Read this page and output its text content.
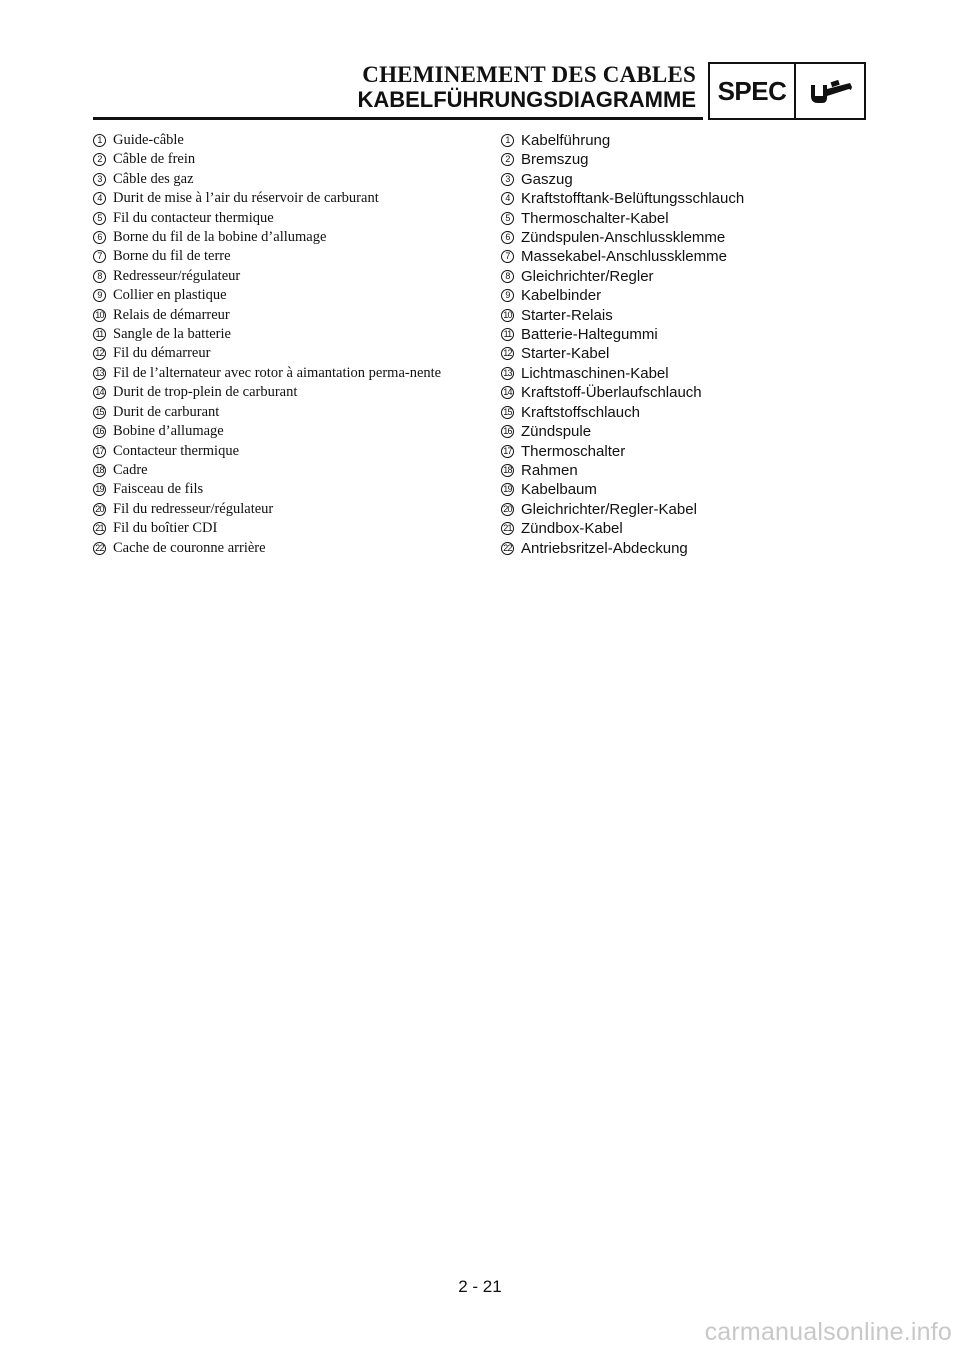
CHEMINEMENT DES CABLES
KABELFÜHRUNGSDIAGRAMME SPEC
1 Guide-câble
2 Câble de frein
3 Câble des gaz
4 Durit de mise à l’air du réservoir de carburant
5 Fil du contacteur thermique
6 Borne du fil de la bobine d’allumage
7 Borne du fil de terre
8 Redresseur/régulateur
9 Collier en plastique
10 Relais de démarreur
11 Sangle de la batterie
12 Fil du démarreur
13 Fil de l’alternateur avec rotor à aimantation perma-nente
14 Durit de trop-plein de carburant
15 Durit de carburant
16 Bobine d’allumage
17 Contacteur thermique
18 Cadre
19 Faisceau de fils
20 Fil du redresseur/régulateur
21 Fil du boîtier CDI
22 Cache de couronne arrière
1 Kabelführung
2 Bremszug
3 Gaszug
4 Kraftstofftank-Belüftungsschlauch
5 Thermoschalter-Kabel
6 Zündspulen-Anschlussklemme
7 Massekabel-Anschlussklemme
8 Gleichrichter/Regler
9 Kabelbinder
10 Starter-Relais
11 Batterie-Haltegummi
12 Starter-Kabel
13 Lichtmaschinen-Kabel
14 Kraftstoff-Überlaufschlauch
15 Kraftstoffschlauch
16 Zündspule
17 Thermoschalter
18 Rahmen
19 Kabelbaum
20 Gleichrichter/Regler-Kabel
21 Zündbox-Kabel
22 Antriebsritzel-Abdeckung
2 - 21
carmanualsonline.info
